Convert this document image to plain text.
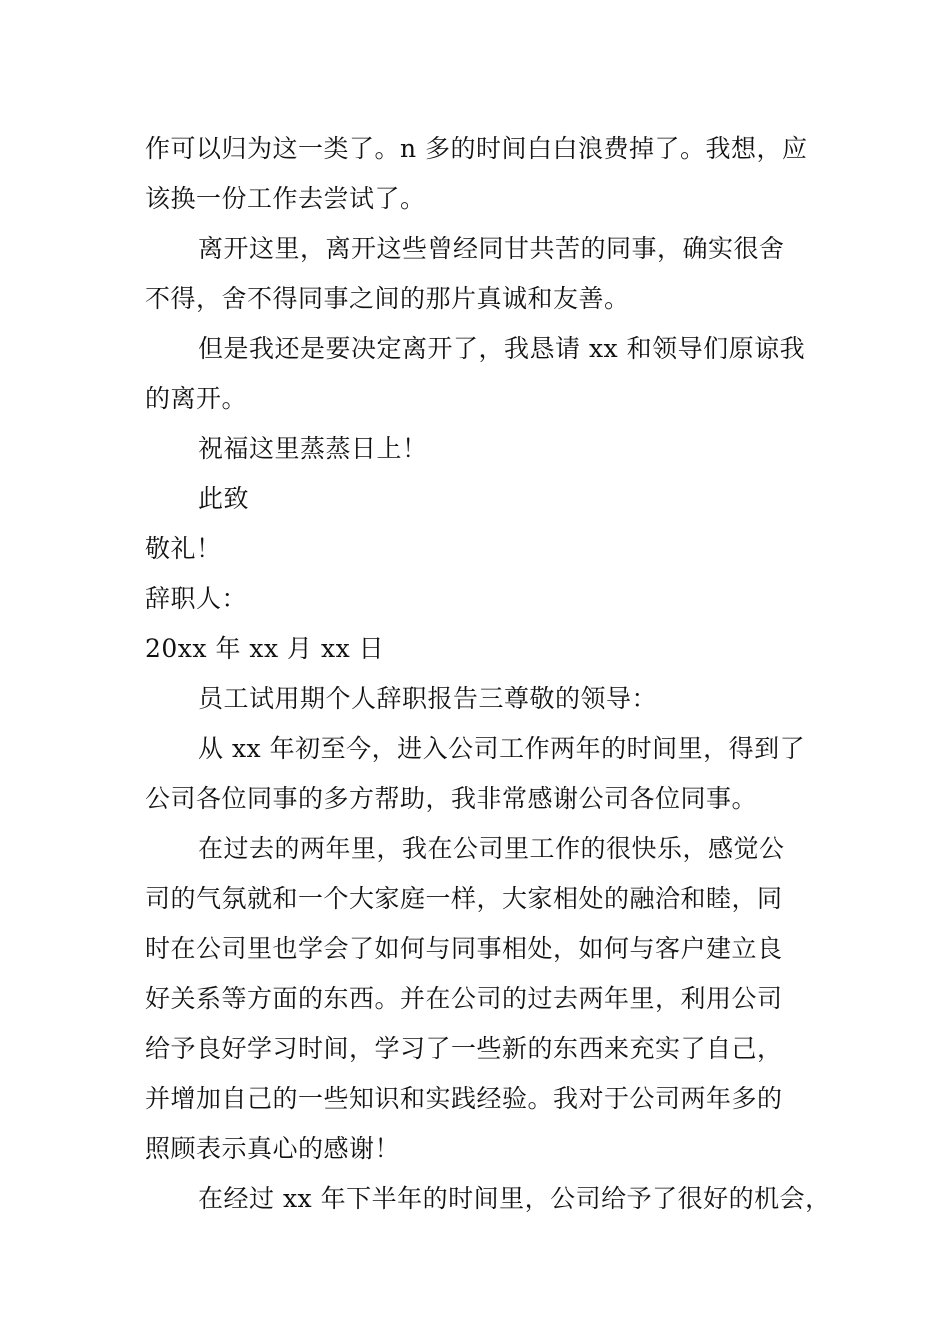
作可以归为这一类了。n 多的时间白白浪费掉了。我想，应
该换一份工作去尝试了。
离开这里，离开这些曾经同甘共苦的同事，确实很舍
不得，舍不得同事之间的那片真诚和友善。
但是我还是要决定离开了，我恳请 xx 和领导们原谅我
的离开。
祝福这里蒸蒸日上！
此致
敬礼！
辞职人：
20xx 年 xx 月 xx 日
员工试用期个人辞职报告三尊敬的领导：
从 xx 年初至今，进入公司工作两年的时间里，得到了
公司各位同事的多方帮助，我非常感谢公司各位同事。
在过去的两年里，我在公司里工作的很快乐，感觉公
司的气氛就和一个大家庭一样，大家相处的融洽和睦，同
时在公司里也学会了如何与同事相处，如何与客户建立良
好关系等方面的东西。并在公司的过去两年里，利用公司
给予良好学习时间，学习了一些新的东西来充实了自己，
并增加自己的一些知识和实践经验。我对于公司两年多的
照顾表示真心的感谢！
在经过 xx 年下半年的时间里，公司给予了很好的机会，
